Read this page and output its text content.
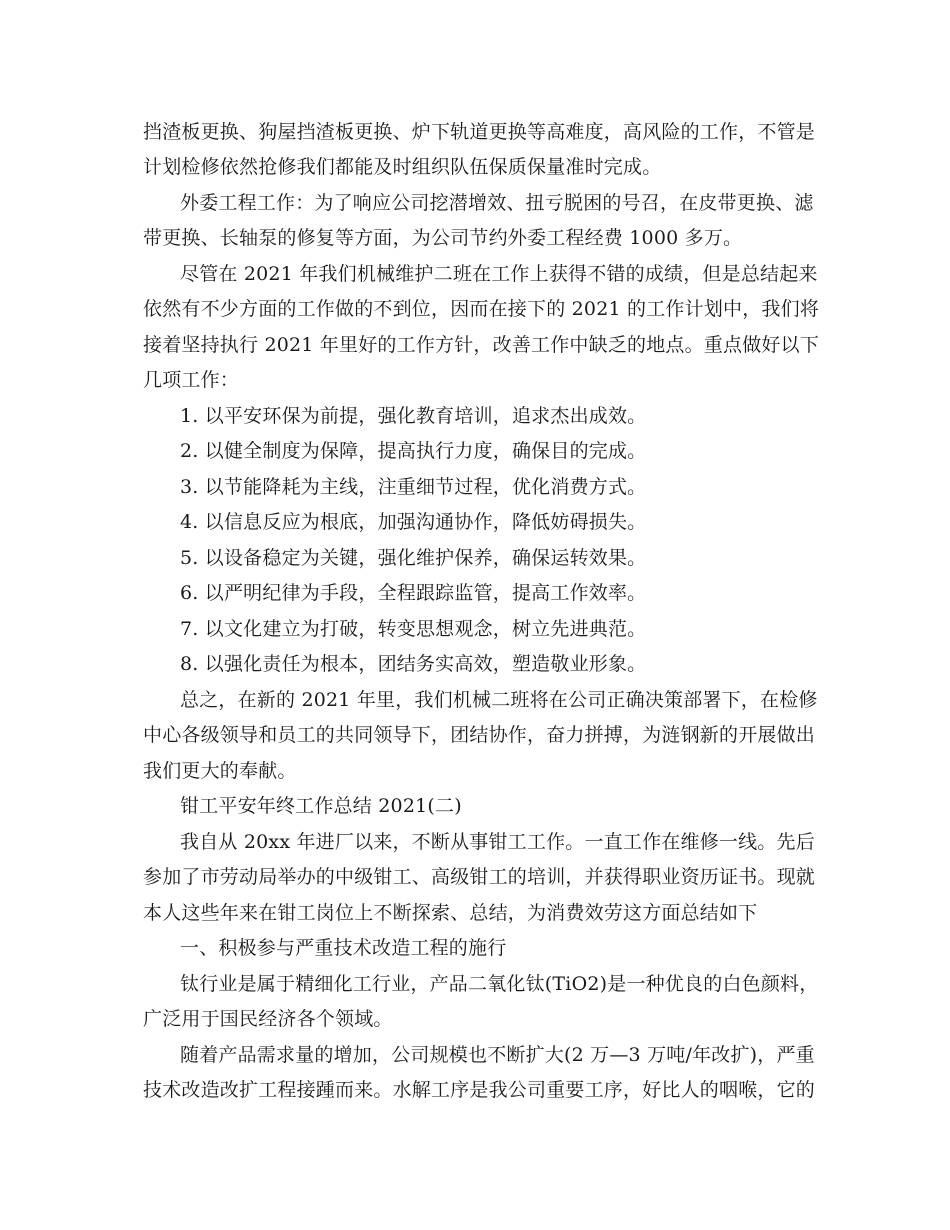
挡渣板更换、狗屋挡渣板更换、炉下轨道更换等高难度，高风险的工作，不管是
计划检修依然抢修我们都能及时组织队伍保质保量准时完成。
外委工程工作：为了响应公司挖潜增效、扭亏脱困的号召，在皮带更换、滤
带更换、长轴泵的修复等方面，为公司节约外委工程经费 1000 多万。
尽管在 2021 年我们机械维护二班在工作上获得不错的成绩，但是总结起来
依然有不少方面的工作做的不到位，因而在接下的 2021 的工作计划中，我们将
接着坚持执行 2021 年里好的工作方针，改善工作中缺乏的地点。重点做好以下
几项工作：
1. 以平安环保为前提，强化教育培训，追求杰出成效。
2. 以健全制度为保障，提高执行力度，确保目的完成。
3. 以节能降耗为主线，注重细节过程，优化消费方式。
4. 以信息反应为根底，加强沟通协作，降低妨碍损失。
5. 以设备稳定为关键，强化维护保养，确保运转效果。
6. 以严明纪律为手段，全程跟踪监管，提高工作效率。
7. 以文化建立为打破，转变思想观念，树立先进典范。
8. 以强化责任为根本，团结务实高效，塑造敬业形象。
总之，在新的 2021 年里，我们机械二班将在公司正确决策部署下，在检修
中心各级领导和员工的共同领导下，团结协作，奋力拼搏，为涟钢新的开展做出
我们更大的奉献。
钳工平安年终工作总结 2021(二)
我自从 20xx 年进厂以来，不断从事钳工工作。一直工作在维修一线。先后
参加了市劳动局举办的中级钳工、高级钳工的培训，并获得职业资历证书。现就
本人这些年来在钳工岗位上不断探索、总结，为消费效劳这方面总结如下
一、积极参与严重技术改造工程的施行
钛行业是属于精细化工行业，产品二氧化钛(TiO2)是一种优良的白色颜料，
广泛用于国民经济各个领域。
随着产品需求量的增加，公司规模也不断扩大(2 万—3 万吨/年改扩)，严重
技术改造改扩工程接踵而来。水解工序是我公司重要工序，好比人的咽喉，它的
